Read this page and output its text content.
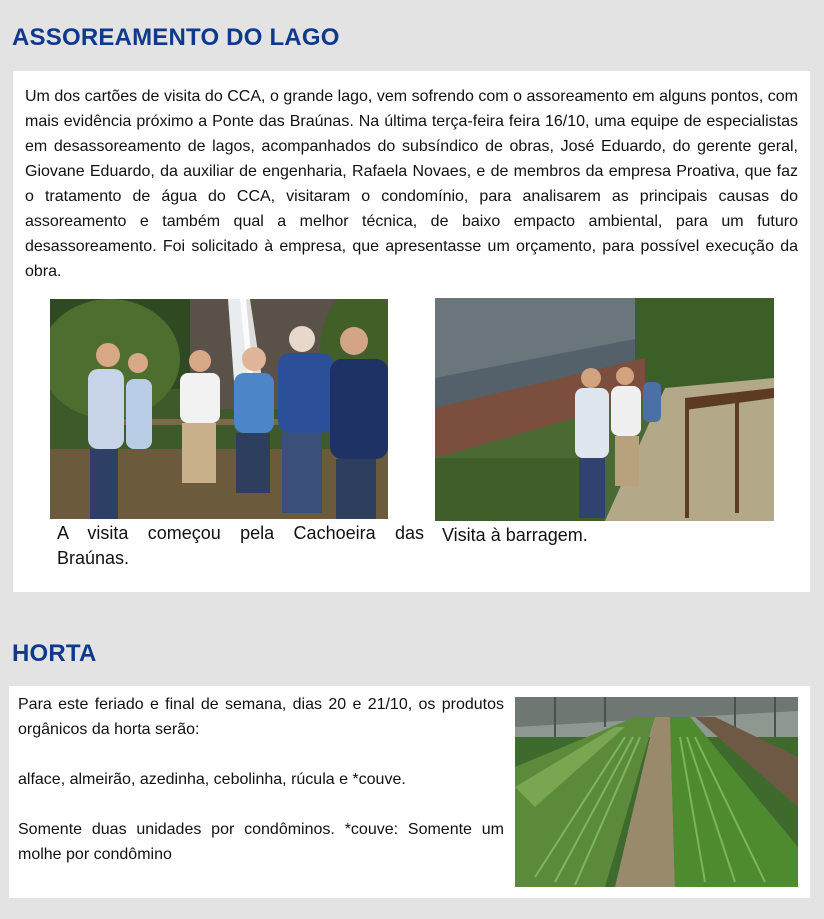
ASSOREAMENTO DO LAGO

Um dos cartões de visita do CCA, o grande lago, vem sofrendo com o assoreamento em alguns pontos, com mais evidência próximo a Ponte das Braúnas. Na última terça-feira feira 16/10, uma equipe de especialistas em desassoreamento de lagos, acompanhados do subsíndico de obras, José Eduardo, do gerente geral, Giovane Eduardo, da auxiliar de engenharia, Rafaela Novaes, e de membros da empresa Proativa, que faz o tratamento de água do CCA, visitaram o condomínio, para analisarem as principais causas do assoreamento e também qual a melhor técnica, de baixo empacto ambiental, para um futuro desassoreamento. Foi solicitado à empresa, que apresentasse um orçamento, para possível execução da obra.

A visita começou pela Cachoeira das Braúnas.

Visita à barragem.

HORTA

Para este feriado e final de semana, dias 20 e 21/10, os produtos orgânicos da horta serão:

alface, almeirão, azedinha, cebolinha, rúcula e *couve.

Somente duas unidades por condôminos. *couve: Somente um molhe por condômino
